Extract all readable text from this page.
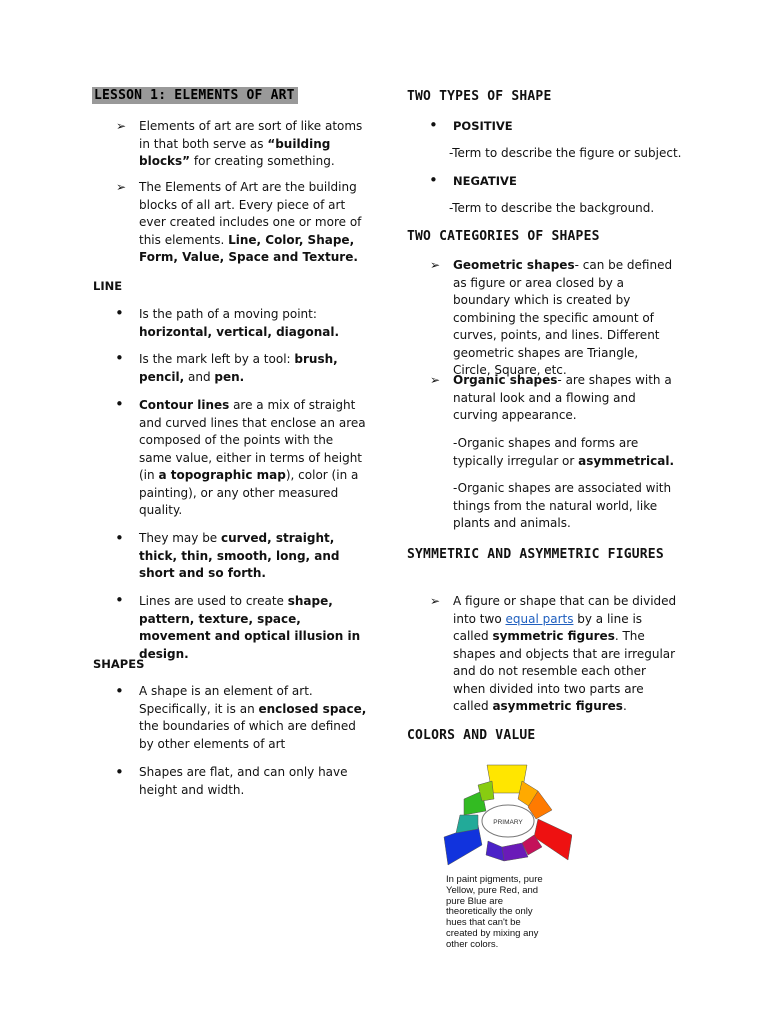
LESSON 1: ELEMENTS OF ART
➢ Elements of art are sort of like atoms in that both serve as “building blocks” for creating something.
➢ The Elements of Art are the building blocks of all art. Every piece of art ever created includes one or more of this elements. Line, Color, Shape, Form, Value, Space and Texture.
LINE
• Is the path of a moving point: horizontal, vertical, diagonal.
• Is the mark left by a tool: brush, pencil, and pen.
• Contour lines are a mix of straight and curved lines that enclose an area composed of the points with the same value, either in terms of height (in a topographic map), color (in a painting), or any other measured quality.
• They may be curved, straight, thick, thin, smooth, long, and short and so forth.
• Lines are used to create shape, pattern, texture, space, movement and optical illusion in design.
SHAPES
• A shape is an element of art. Specifically, it is an enclosed space, the boundaries of which are defined by other elements of art
• Shapes are flat, and can only have height and width.
TWO TYPES OF SHAPE
• POSITIVE
-Term to describe the figure or subject.
• NEGATIVE
-Term to describe the background.
TWO CATEGORIES OF SHAPES
➢ Geometric shapes- can be defined as figure or area closed by a boundary which is created by combining the specific amount of curves, points, and lines. Different geometric shapes are Triangle, Circle, Square, etc.
➢ Organic shapes- are shapes with a natural look and a flowing and curving appearance.
-Organic shapes and forms are typically irregular or asymmetrical.
-Organic shapes are associated with things from the natural world, like plants and animals.
SYMMETRIC AND ASYMMETRIC FIGURES
➢ A figure or shape that can be divided into two equal parts by a line is called symmetric figures. The shapes and objects that are irregular and do not resemble each other when divided into two parts are called asymmetric figures.
COLORS AND VALUE
PRIMARY
In paint pigments, pure
Yellow, pure Red, and
pure Blue are
theoretically the only
hues that can't be
created by mixing any
other colors.
